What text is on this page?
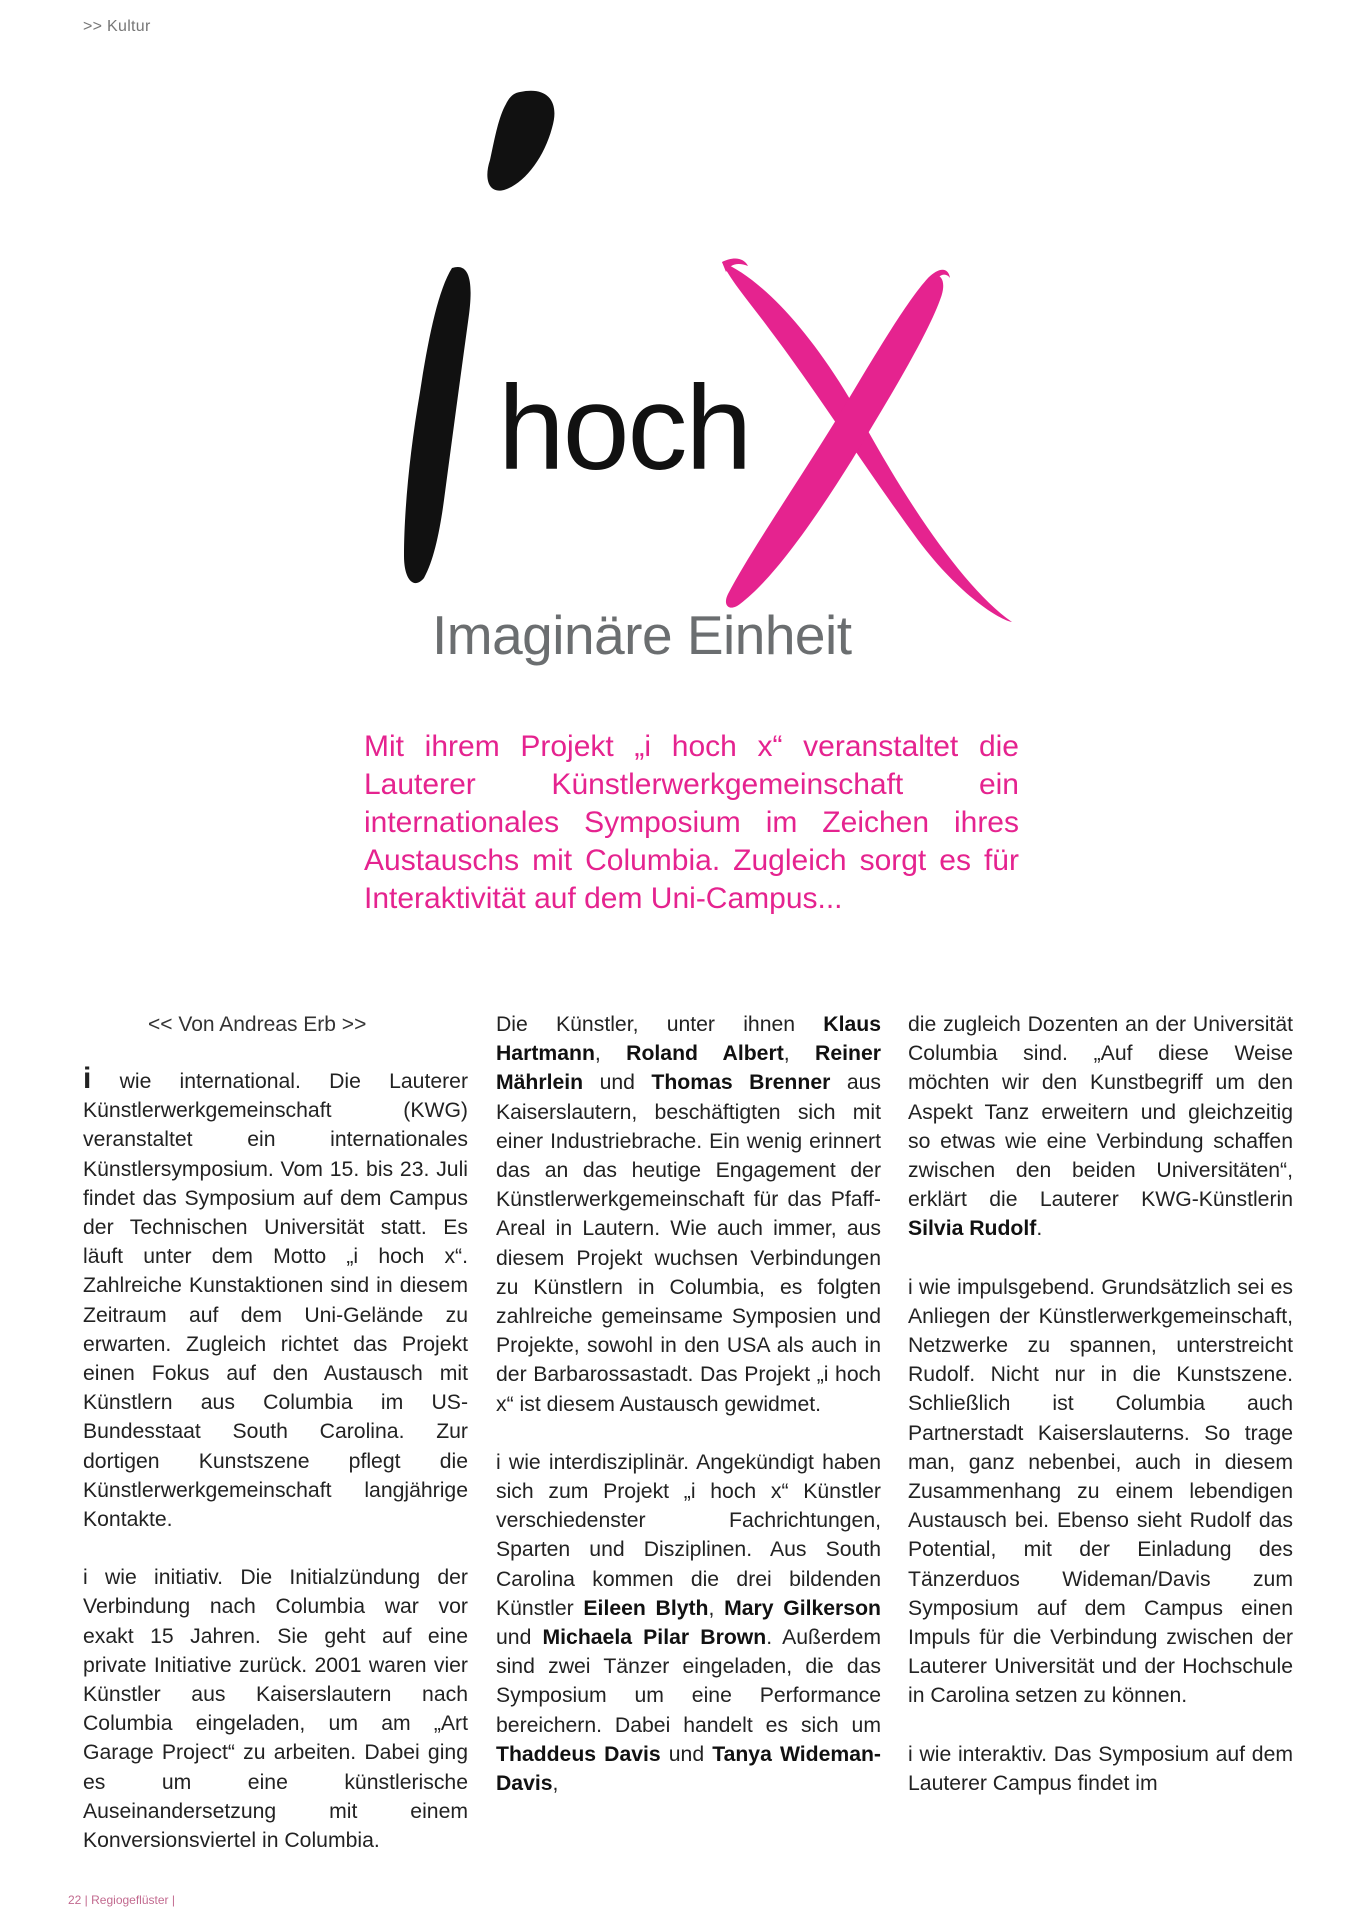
>> Kultur
hoch
Imaginäre Einheit

Mit ihrem Projekt „i hoch x“ veranstaltet die Lauterer Künstlerwerkgemeinschaft ein internationales Symposium im Zeichen ihres Austauschs mit Columbia. Zugleich sorgt es für Interaktivität auf dem Uni-Campus...

<< Von Andreas Erb >>

i wie international. Die Lauterer Künstlerwerkgemeinschaft (KWG) veranstaltet ein internationales Künstlersymposium. Vom 15. bis 23. Juli findet das Symposium auf dem Campus der Technischen Universität statt. Es läuft unter dem Motto „i hoch x“. Zahlreiche Kunstaktionen sind in diesem Zeitraum auf dem Uni-Gelände zu erwarten. Zugleich richtet das Projekt einen Fokus auf den Austausch mit Künstlern aus Columbia im US-Bundesstaat South Carolina. Zur dortigen Kunstszene pflegt die Künstlerwerkgemeinschaft langjährige Kontakte.

i wie initiativ. Die Initialzündung der Verbindung nach Columbia war vor exakt 15 Jahren. Sie geht auf eine private Initiative zurück. 2001 waren vier Künstler aus Kaiserslautern nach Columbia eingeladen, um am „Art Garage Project“ zu arbeiten. Dabei ging es um eine künstlerische Auseinandersetzung mit einem Konversionsviertel in Columbia.

Die Künstler, unter ihnen Klaus Hartmann, Roland Albert, Reiner Mährlein und Thomas Brenner aus Kaiserslautern, beschäftigten sich mit einer Industriebrache. Ein wenig erinnert das an das heutige Engagement der Künstlerwerkgemeinschaft für das Pfaff-Areal in Lautern. Wie auch immer, aus diesem Projekt wuchsen Verbindungen zu Künstlern in Columbia, es folgten zahlreiche gemeinsame Symposien und Projekte, sowohl in den USA als auch in der Barbarossastadt. Das Projekt „i hoch x“ ist diesem Austausch gewidmet.

i wie interdisziplinär. Angekündigt haben sich zum Projekt „i hoch x“ Künstler verschiedenster Fachrichtungen, Sparten und Disziplinen. Aus South Carolina kommen die drei bildenden Künstler Eileen Blyth, Mary Gilkerson und Michaela Pilar Brown. Außerdem sind zwei Tänzer eingeladen, die das Symposium um eine Performance bereichern. Dabei handelt es sich um Thaddeus Davis und Tanya Wideman-Davis,

die zugleich Dozenten an der Universität Columbia sind. „Auf diese Weise möchten wir den Kunstbegriff um den Aspekt Tanz erweitern und gleichzeitig so etwas wie eine Verbindung schaffen zwischen den beiden Universitäten“, erklärt die Lauterer KWG-Künstlerin Silvia Rudolf.

i wie impulsgebend. Grundsätzlich sei es Anliegen der Künstlerwerkgemeinschaft, Netzwerke zu spannen, unterstreicht Rudolf. Nicht nur in die Kunstszene. Schließlich ist Columbia auch Partnerstadt Kaiserslauterns. So trage man, ganz nebenbei, auch in diesem Zusammenhang zu einem lebendigen Austausch bei. Ebenso sieht Rudolf das Potential, mit der Einladung des Tänzerduos Wideman/Davis zum Symposium auf dem Campus einen Impuls für die Verbindung zwischen der Lauterer Universität und der Hochschule in Carolina setzen zu können.

i wie interaktiv. Das Symposium auf dem Lauterer Campus findet im

22 | Regiogeflüster |
